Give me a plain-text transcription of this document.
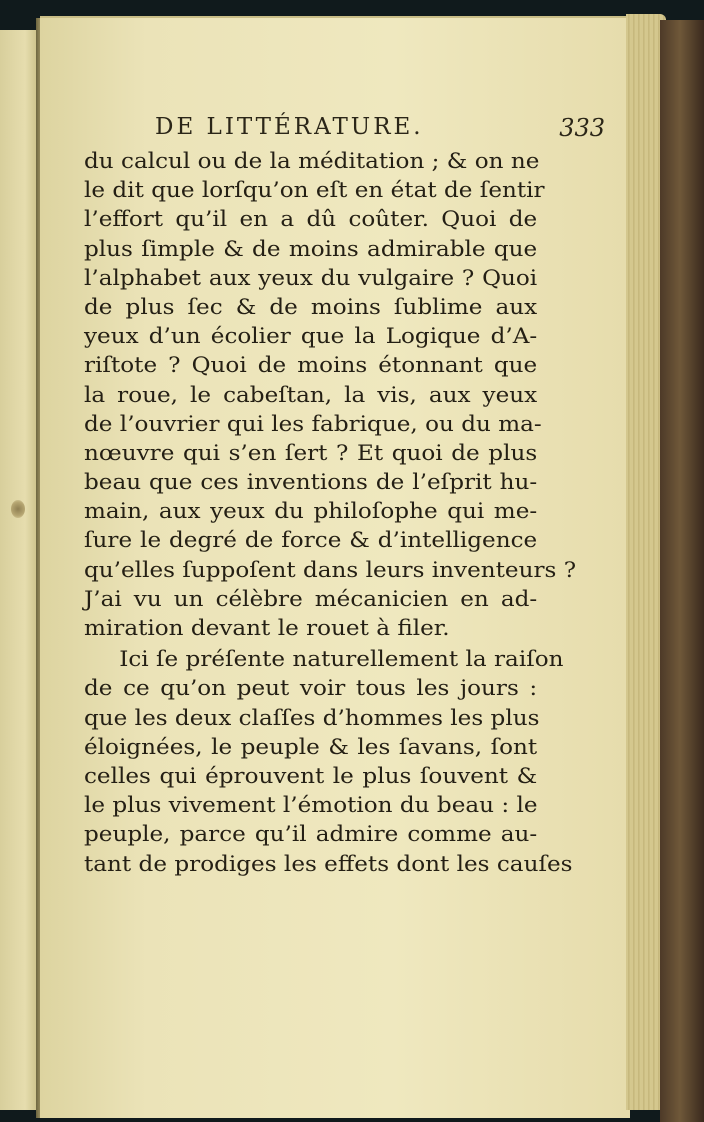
DE LITTÉRATURE.	333
du calcul ou de la méditation ; & on ne
le dit que lorſqu’on eſt en état de ſentir
l’effort qu’il en a dû coûter. Quoi de
plus ſimple & de moins admirable que
l’alphabet aux yeux du vulgaire ? Quoi
de plus ſec & de moins ſublime aux
yeux d’un écolier que la Logique d’A-
riſtote ? Quoi de moins étonnant que
la roue, le cabeſtan, la vis, aux yeux
de l’ouvrier qui les fabrique, ou du ma-
nœuvre qui s’en ſert ? Et quoi de plus
beau que ces inventions de l’eſprit hu-
main, aux yeux du philoſophe qui me-
ſure le degré de force & d’intelligence
qu’elles ſuppoſent dans leurs inventeurs ?
J’ai vu un célèbre mécanicien en ad-
miration devant le rouet à filer.
Ici ſe préſente naturellement la raiſon
de ce qu’on peut voir tous les jours :
que les deux claſſes d’hommes les plus
éloignées, le peuple & les ſavans, ſont
celles qui éprouvent le plus ſouvent &
le plus vivement l’émotion du beau : le
peuple, parce qu’il admire comme au-
tant de prodiges les effets dont les cauſes
